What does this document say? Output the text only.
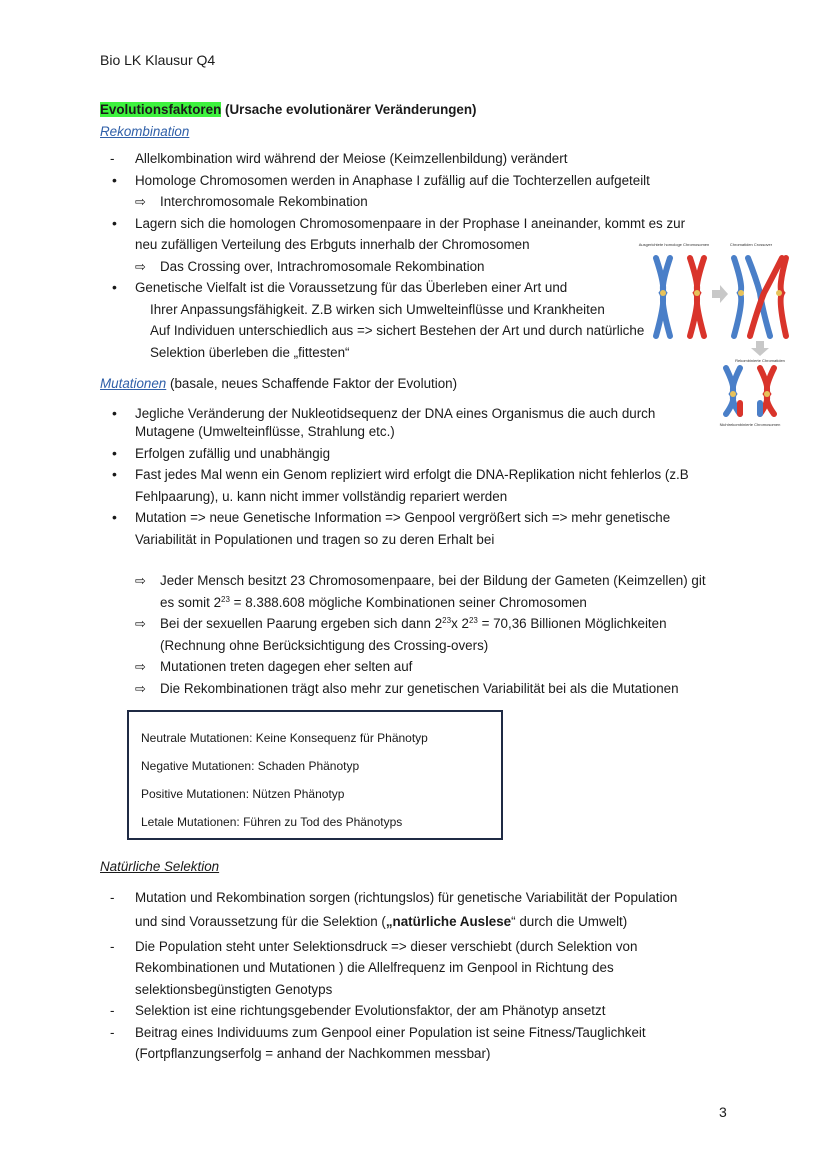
Bio LK Klausur Q4
Evolutionsfaktoren (Ursache evolutionärer Veränderungen)
Rekombination
-	Allelkombination wird während der Meiose (Keimzellenbildung) verändert
•	Homologe Chromosomen werden in Anaphase I zufällig auf die Tochterzellen aufgeteilt
⇨ Interchromosomale Rekombination
•	Lagern sich die homologen Chromosomenpaare in der Prophase I aneinander, kommt es zur
neu zufälligen Verteilung des Erbguts innerhalb der Chromosomen
⇨ Das Crossing over, Intrachromosomale Rekombination
•	Genetische Vielfalt ist die Voraussetzung für das Überleben einer Art und
Ihrer Anpassungsfähigkeit. Z.B wirken sich Umwelteinflüsse und Krankheiten
Auf Individuen unterschiedlich aus => sichert Bestehen der Art und durch natürliche
Selektion überleben die „fittesten“
Ausgerichtete homologe Chromosomen	Chromatiden Crossover
Rekombinierte Chromatiden
Nichtrekombinierte Chromosomen
Mutationen (basale, neues Schaffende Faktor der Evolution)
•	Jegliche Veränderung der Nukleotidsequenz der DNA eines Organismus die auch durch
Mutagene (Umwelteinflüsse, Strahlung etc.)
•	Erfolgen zufällig und unabhängig
•	Fast jedes Mal wenn ein Genom repliziert wird erfolgt die DNA-Replikation nicht fehlerlos (z.B
Fehlpaarung), u. kann nicht immer vollständig repariert werden
•	Mutation => neue Genetische Information => Genpool vergrößert sich => mehr genetische
Variabilität in Populationen und tragen so zu deren Erhalt bei
⇨ Jeder Mensch besitzt 23 Chromosomenpaare, bei der Bildung der Gameten (Keimzellen) git
es somit $2^{23} = 8.388.608$ mögliche Kombinationen seiner Chromosomen
⇨ Bei der sexuellen Paarung ergeben sich dann $2^{23}x$ $2^{23} = 70,36$ Billionen Möglichkeiten
(Rechnung ohne Berücksichtigung des Crossing-overs)
⇨ Mutationen treten dagegen eher selten auf
⇨ Die Rekombinationen trägt also mehr zur genetischen Variabilität bei als die Mutationen
Neutrale Mutationen: Keine Konsequenz für Phänotyp
Negative Mutationen: Schaden Phänotyp
Positive Mutationen: Nützen Phänotyp
Letale Mutationen: Führen zu Tod des Phänotyps
Natürliche Selektion
-	Mutation und Rekombination sorgen (richtungslos) für genetische Variabilität der Population
und sind Voraussetzung für die Selektion („natürliche Auslese“ durch die Umwelt)
-	Die Population steht unter Selektionsdruck => dieser verschiebt (durch Selektion von
Rekombinationen und Mutationen ) die Allelfrequenz im Genpool in Richtung des
selektionsbegünstigten Genotyps
-	Selektion ist eine richtungsgebender Evolutionsfaktor, der am Phänotyp ansetzt
-	Beitrag eines Individuums zum Genpool einer Population ist seine Fitness/Tauglichkeit
(Fortpflanzungserfolg = anhand der Nachkommen messbar)
3
